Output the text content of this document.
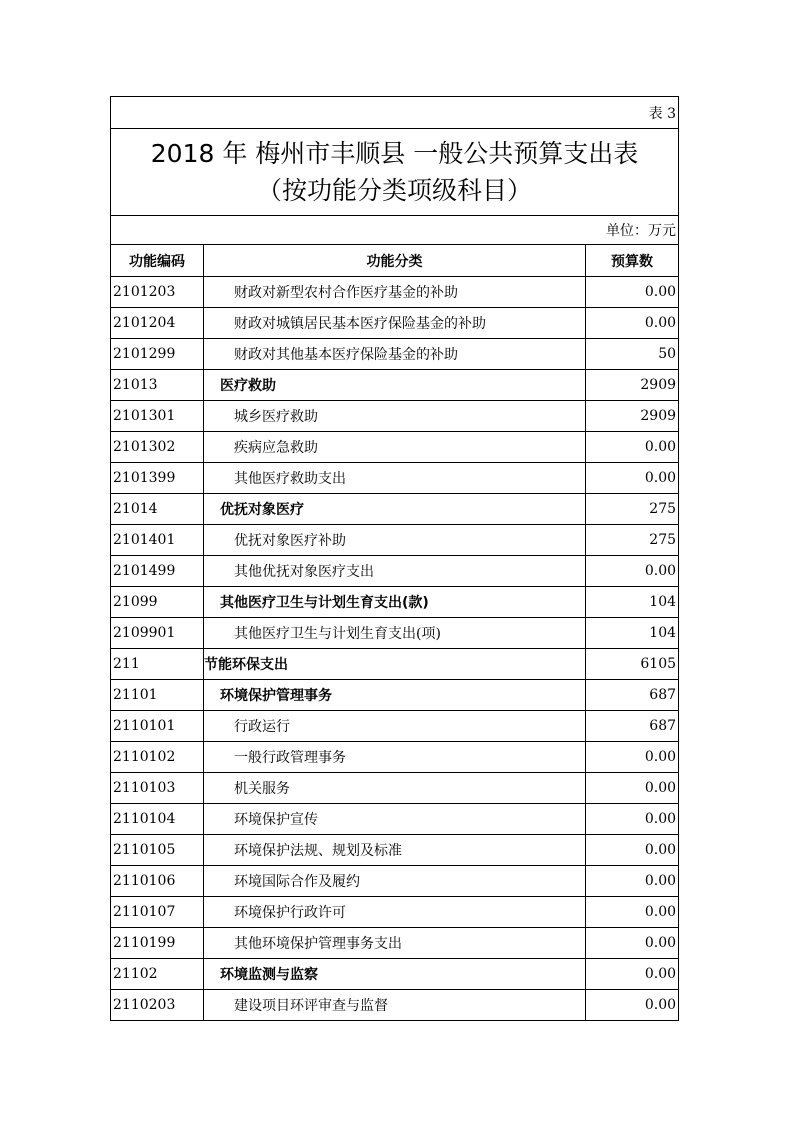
表 3		

2018 年 梅州市丰顺县 一般公共预算支出表
（按功能分类项级科目）		

单位：万元		
功能编码	功能分类	预算数
2101203	财政对新型农村合作医疗基金的补助	0.00
2101204	财政对城镇居民基本医疗保险基金的补助	0.00
2101299	财政对其他基本医疗保险基金的补助	50
21013	医疗救助	2909
2101301	城乡医疗救助	2909
2101302	疾病应急救助	0.00
2101399	其他医疗救助支出	0.00
21014	优抚对象医疗	275
2101401	优抚对象医疗补助	275
2101499	其他优抚对象医疗支出	0.00
21099	其他医疗卫生与计划生育支出(款)	104
2109901	其他医疗卫生与计划生育支出(项)	104
211	节能环保支出	6105
21101	环境保护管理事务	687
2110101	行政运行	687
2110102	一般行政管理事务	0.00
2110103	机关服务	0.00
2110104	环境保护宣传	0.00
2110105	环境保护法规、规划及标准	0.00
2110106	环境国际合作及履约	0.00
2110107	环境保护行政许可	0.00
2110199	其他环境保护管理事务支出	0.00
21102	环境监测与监察	0.00
2110203	建设项目环评审查与监督	0.00
